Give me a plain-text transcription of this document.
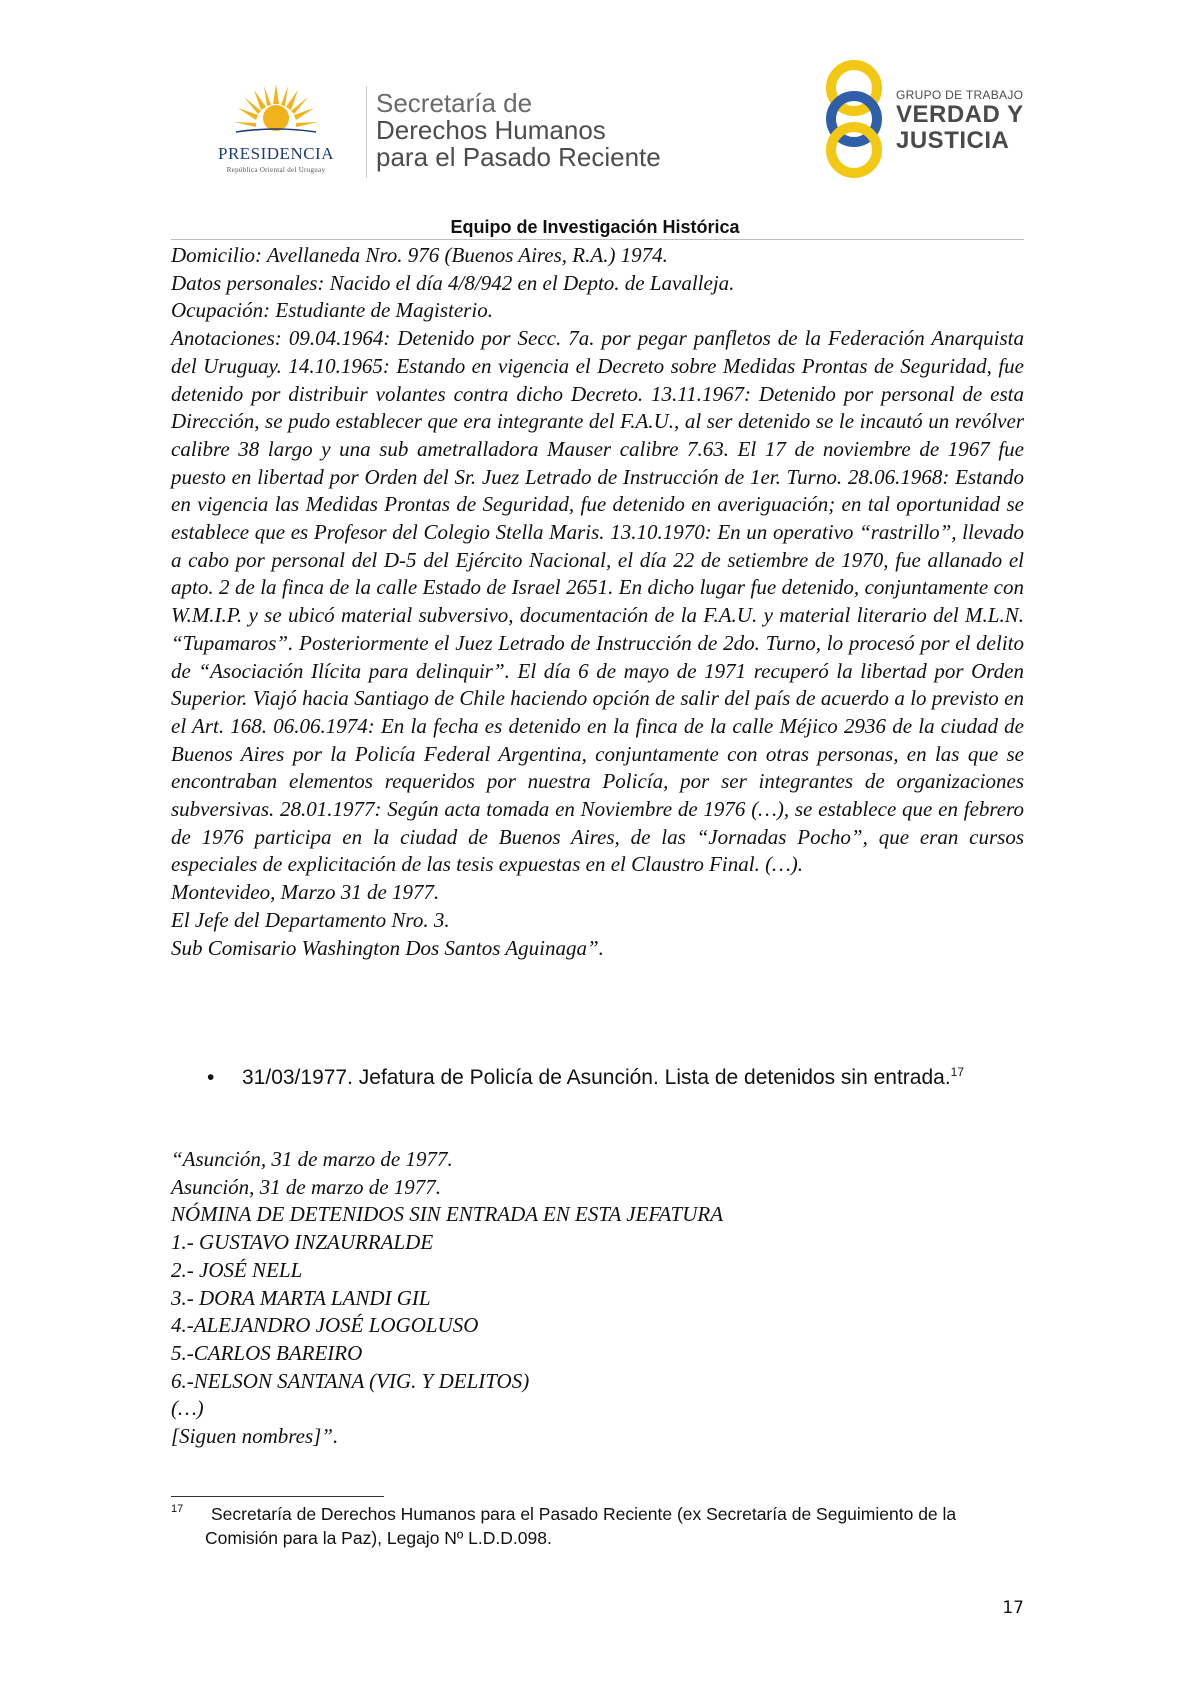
PRESIDENCIA
República Oriental del Uruguay
Secretaría de
Derechos Humanos
para el Pasado Reciente
GRUPO DE TRABAJO
VERDAD Y
JUSTICIA
Equipo de Investigación Histórica

Domicilio: Avellaneda Nro. 976 (Buenos Aires, R.A.) 1974.

Datos personales: Nacido el día 4/8/942 en el Depto. de Lavalleja.

Ocupación: Estudiante de Magisterio.

Anotaciones: 09.04.1964: Detenido por Secc. 7a. por pegar panfletos de la Federación Anarquista del Uruguay. 14.10.1965: Estando en vigencia el Decreto sobre Medidas Prontas de Seguridad, fue detenido por distribuir volantes contra dicho Decreto. 13.11.1967: Detenido por personal de esta Dirección, se pudo establecer que era integrante del F.A.U., al ser detenido se le incautó un revólver calibre 38 largo y una sub ametralladora Mauser calibre 7.63. El 17 de noviembre de 1967 fue puesto en libertad por Orden del Sr. Juez Letrado de Instrucción de 1er. Turno. 28.06.1968: Estando en vigencia las Medidas Prontas de Seguridad, fue detenido en averiguación; en tal oportunidad se establece que es Profesor del Colegio Stella Maris. 13.10.1970: En un operativo “rastrillo”, llevado a cabo por personal del D-5 del Ejército Nacional, el día 22 de setiembre de 1970, fue allanado el apto. 2 de la finca de la calle Estado de Israel 2651. En dicho lugar fue detenido, conjuntamente con W.M.I.P. y se ubicó material subversivo, documentación de la F.A.U. y material literario del M.L.N. “Tupamaros”. Posteriormente el Juez Letrado de Instrucción de 2do. Turno, lo procesó por el delito de “Asociación Ilícita para delinquir”. El día 6 de mayo de 1971 recuperó la libertad por Orden Superior. Viajó hacia Santiago de Chile haciendo opción de salir del país de acuerdo a lo previsto en el Art. 168. 06.06.1974: En la fecha es detenido en la finca de la calle Méjico 2936 de la ciudad de Buenos Aires por la Policía Federal Argentina, conjuntamente con otras personas, en las que se encontraban elementos requeridos por nuestra Policía, por ser integrantes de organizaciones subversivas. 28.01.1977: Según acta tomada en Noviembre de 1976 (…), se establece que en febrero de 1976 participa en la ciudad de Buenos Aires, de las “Jornadas Pocho”, que eran cursos especiales de explicitación de las tesis expuestas en el Claustro Final. (…).

Montevideo, Marzo 31 de 1977.

El Jefe del Departamento Nro. 3.

Sub Comisario Washington Dos Santos Aguinaga”.

• 31/03/1977. Jefatura de Policía de Asunción. Lista de detenidos sin entrada.$^{17}$
“Asunción, 31 de marzo de 1977.
Asunción, 31 de marzo de 1977.
NÓMINA DE DETENIDOS SIN ENTRADA EN ESTA JEFATURA
1.- GUSTAVO INZAURRALDE
2.- JOSÉ NELL
3.- DORA MARTA LANDI GIL
4.-ALEJANDRO JOSÉ LOGOLUSO
5.-CARLOS BAREIRO
6.-NELSON SANTANA (VIG. Y DELITOS)
(…)
[Siguen nombres]”.
17	Secretaría de Derechos Humanos para el Pasado Reciente (ex Secretaría de Seguimiento de la Comisión para la Paz), Legajo Nº L.D.D.098.
17
